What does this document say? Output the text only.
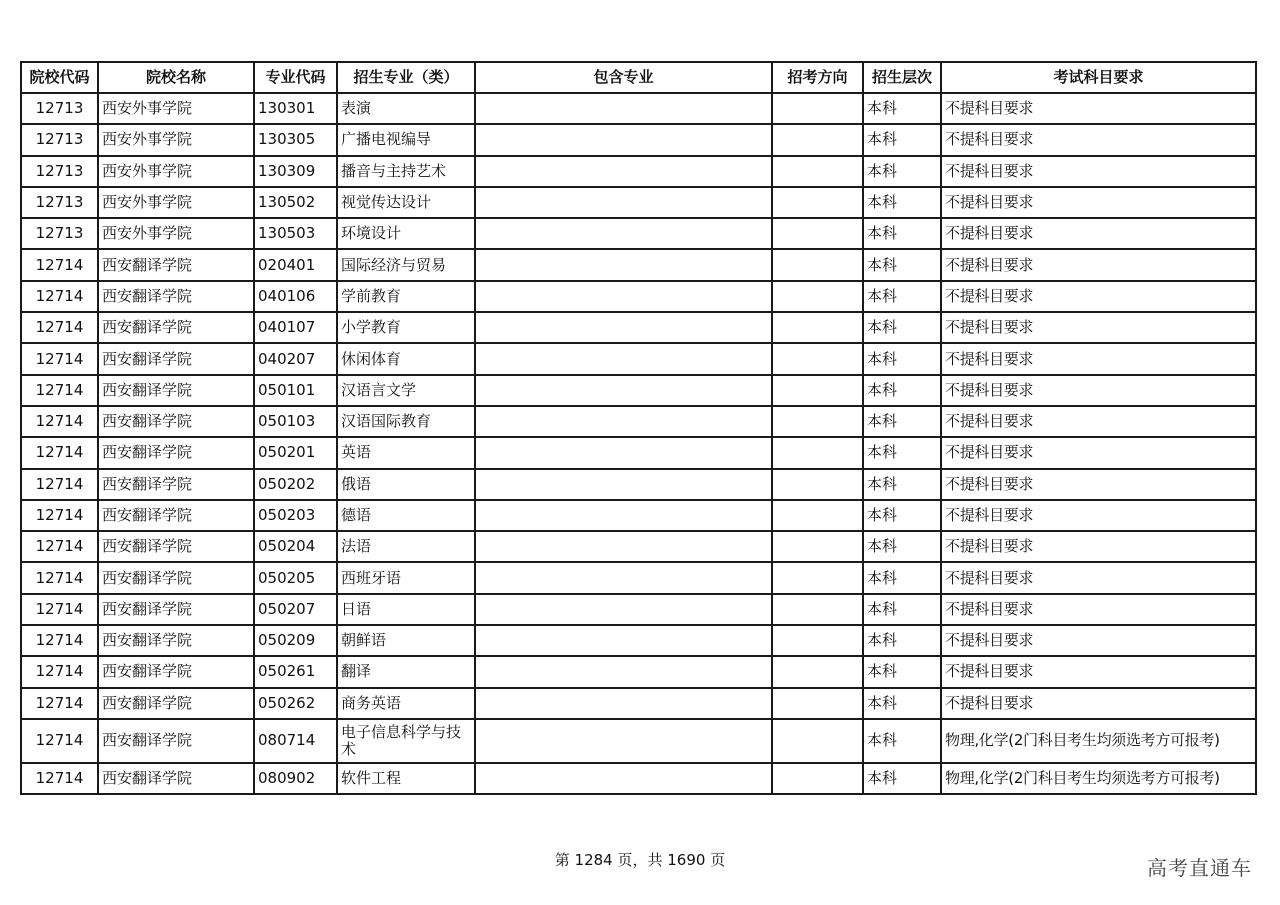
院校代码	院校名称	专业代码	招生专业（类）	包含专业	招考方向	招生层次	考试科目要求
12713	西安外事学院	130301	表演			本科	不提科目要求
12713	西安外事学院	130305	广播电视编导			本科	不提科目要求
12713	西安外事学院	130309	播音与主持艺术			本科	不提科目要求
12713	西安外事学院	130502	视觉传达设计			本科	不提科目要求
12713	西安外事学院	130503	环境设计			本科	不提科目要求
12714	西安翻译学院	020401	国际经济与贸易			本科	不提科目要求
12714	西安翻译学院	040106	学前教育			本科	不提科目要求
12714	西安翻译学院	040107	小学教育			本科	不提科目要求
12714	西安翻译学院	040207	休闲体育			本科	不提科目要求
12714	西安翻译学院	050101	汉语言文学			本科	不提科目要求
12714	西安翻译学院	050103	汉语国际教育			本科	不提科目要求
12714	西安翻译学院	050201	英语			本科	不提科目要求
12714	西安翻译学院	050202	俄语			本科	不提科目要求
12714	西安翻译学院	050203	德语			本科	不提科目要求
12714	西安翻译学院	050204	法语			本科	不提科目要求
12714	西安翻译学院	050205	西班牙语			本科	不提科目要求
12714	西安翻译学院	050207	日语			本科	不提科目要求
12714	西安翻译学院	050209	朝鲜语			本科	不提科目要求
12714	西安翻译学院	050261	翻译			本科	不提科目要求
12714	西安翻译学院	050262	商务英语			本科	不提科目要求
12714	西安翻译学院	080714	电子信息科学与技术			本科	物理,化学(2门科目考生均须选考方可报考)
12714	西安翻译学院	080902	软件工程			本科	物理,化学(2门科目考生均须选考方可报考)
第 1284 页，共 1690 页	高考直通车
